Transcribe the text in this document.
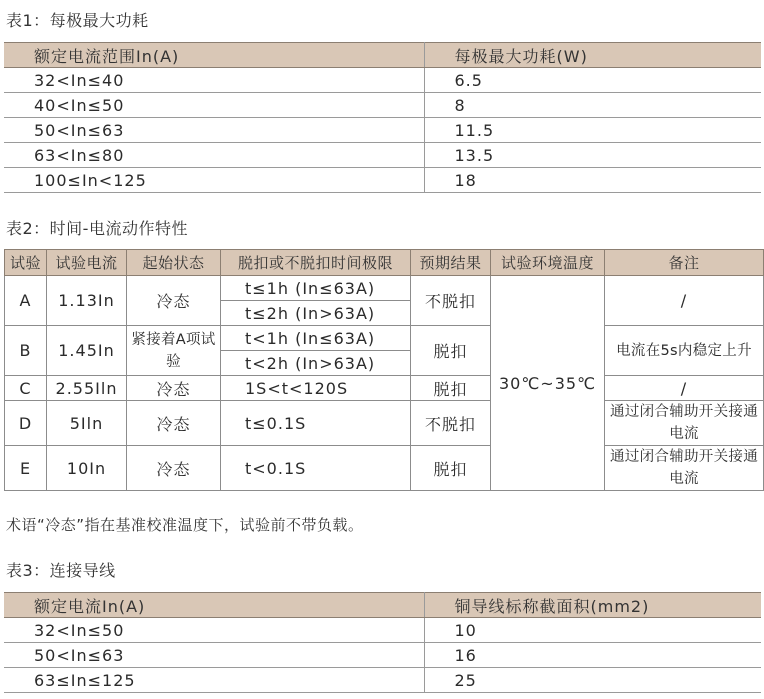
表1：每极最大功耗
额定电流范围In(A)	每极最大功耗(W)
32<In≤40	6.5
40<In≤50	8
50<In≤63	11.5
63<In≤80	13.5
100≤In<125	18
表2：时间-电流动作特性
试验	试验电流	起始状态	脱扣或不脱扣时间极限	预期结果	试验环境温度	备注
A	1.13In	冷态	t≤1h (In≤63A)	不脱扣	30℃~35℃	/
			t≤2h (In>63A)			
B	1.45In	紧接着A项试验	t<1h (In≤63A)	脱扣		电流在5s内稳定上升
			t<2h (In>63A)			
C	2.55Iln	冷态	1S<t<120S	脱扣		/
D	5Iln	冷态	t≤0.1S	不脱扣		通过闭合辅助开关接通电流

E	10In	冷态	t<0.1S	脱扣		通过闭合辅助开关接通电流

术语“冷态”指在基准校准温度下，试验前不带负载。
表3：连接导线
额定电流In(A)	铜导线标称截面积(mm2)
32<In≤50	10
50<In≤63	16
63≤In≤125	25
